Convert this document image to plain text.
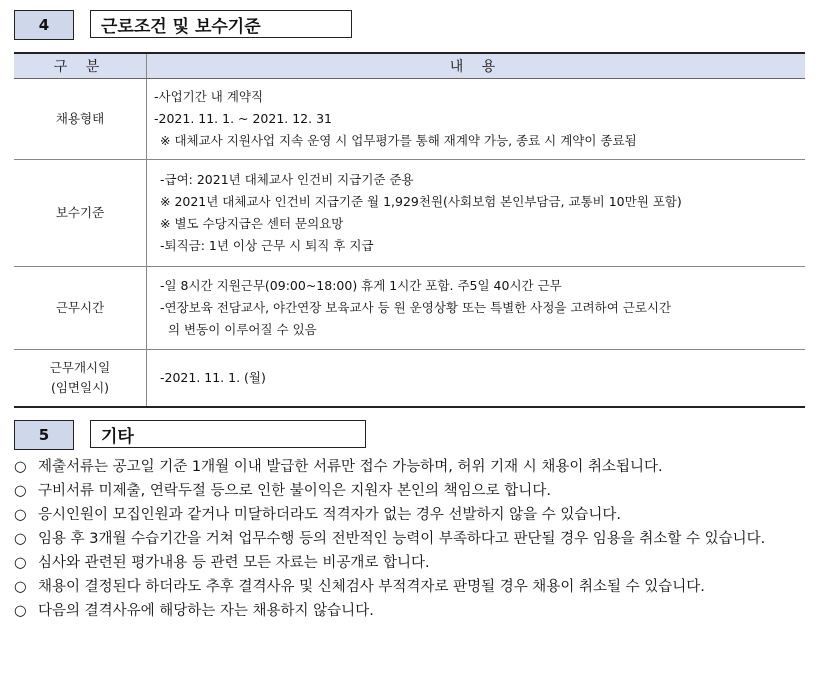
4	근로조건 및 보수기준
구 분	내 용

채용형태	-사업기간 내 계약직
-2021. 11. 1. ~ 2021. 12. 31
※ 대체교사 지원사업 지속 운영 시 업무평가를 통해 재계약 가능, 종료 시 계약이 종료됨

보수기준	-급여: 2021년 대체교사 인건비 지급기준 준용
※ 2021년 대체교사 인건비 지급기준 월 1,929천원(사회보험 본인부담금, 교통비 10만원 포함)
※ 별도 수당지급은 센터 문의요망
-퇴직금: 1년 이상 근무 시 퇴직 후 지급

근무시간	-일 8시간 지원근무(09:00~18:00) 휴게 1시간 포함. 주5일 40시간 근무
-연장보육 전담교사, 야간연장 보육교사 등 원 운영상황 또는 특별한 사정을 고려하여 근로시간
의 변동이 이루어질 수 있음

근무개시일
(임면일시)	-2021. 11. 1. (월)
5	기타
○ 제출서류는 공고일 기준 1개월 이내 발급한 서류만 접수 가능하며, 허위 기재 시 채용이 취소됩니다.
○ 구비서류 미제출, 연락두절 등으로 인한 불이익은 지원자 본인의 책임으로 합니다.
○ 응시인원이 모집인원과 같거나 미달하더라도 적격자가 없는 경우 선발하지 않을 수 있습니다.
○ 임용 후 3개월 수습기간을 거쳐 업무수행 등의 전반적인 능력이 부족하다고 판단될 경우 임용을 취소할 수 있습니다.
○ 심사와 관련된 평가내용 등 관련 모든 자료는 비공개로 합니다.
○ 채용이 결정된다 하더라도 추후 결격사유 및 신체검사 부적격자로 판명될 경우 채용이 취소될 수 있습니다.
○ 다음의 결격사유에 해당하는 자는 채용하지 않습니다.
